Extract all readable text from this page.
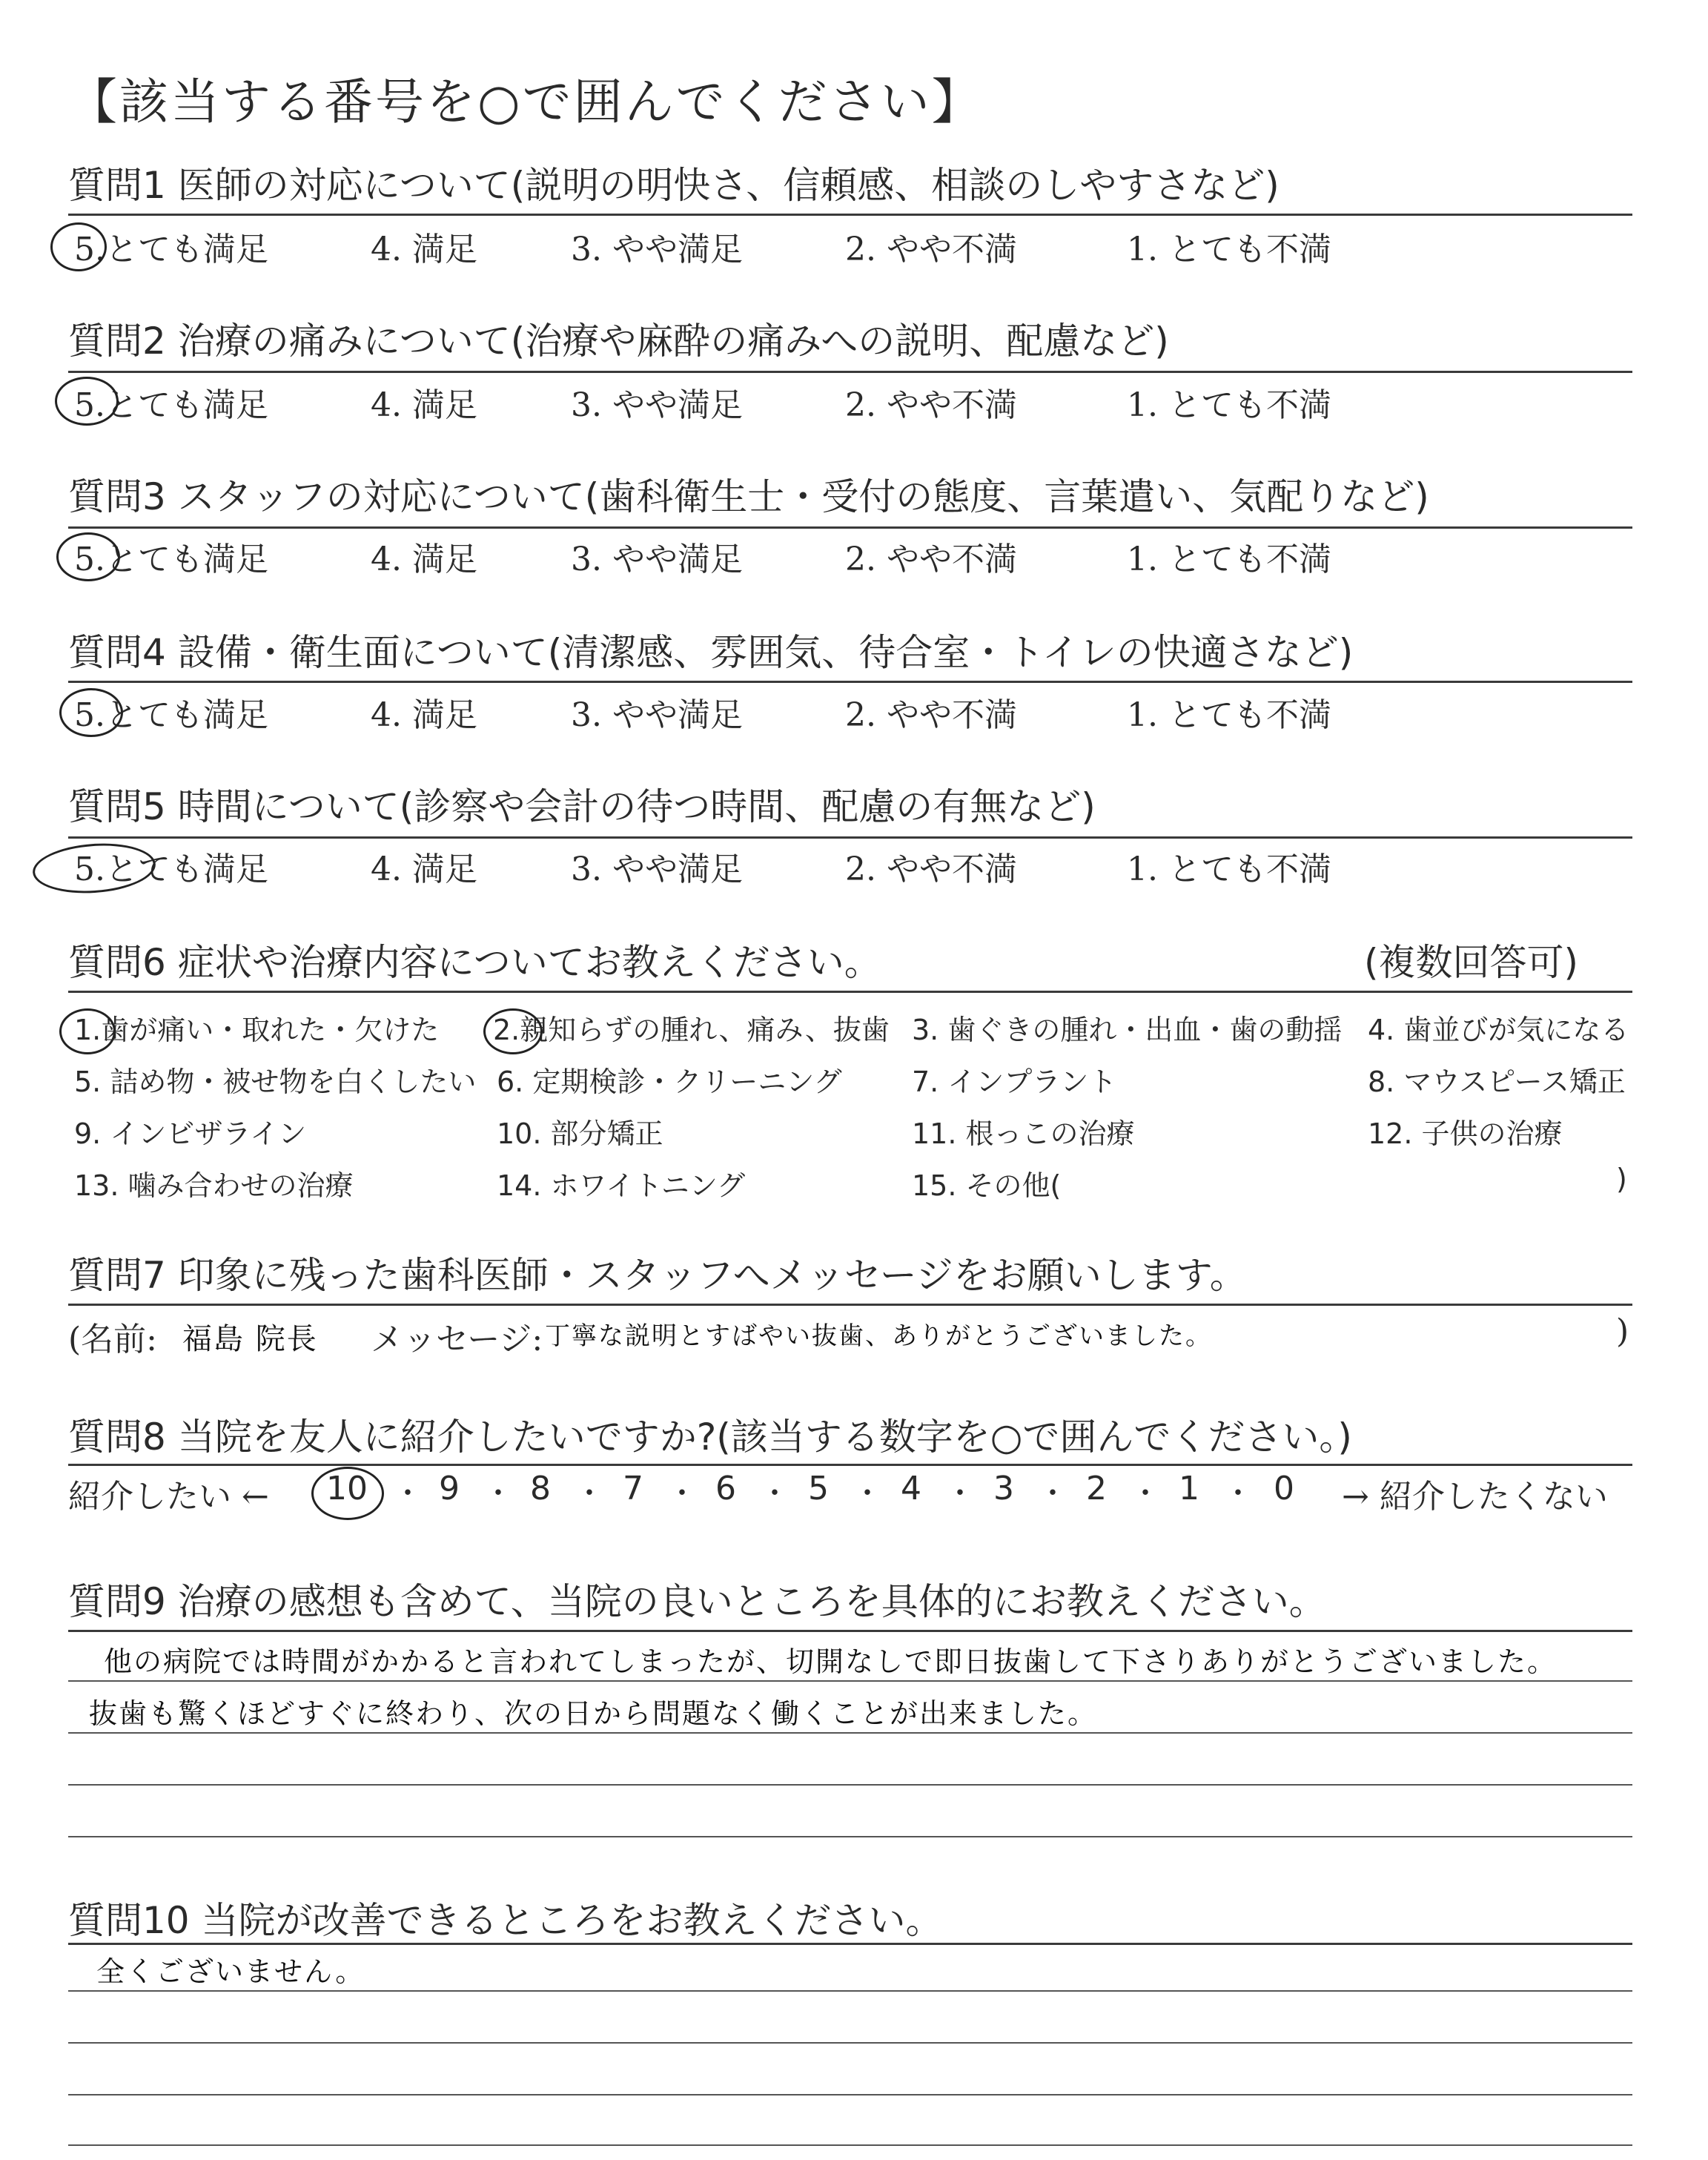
【該当する番号を○で囲んでください】
質問1 医師の対応について(説明の明快さ、信頼感、相談のしやすさなど)
5.とても満足	4. 満足	3. やや満足	2. やや不満	1. とても不満
質問2 治療の痛みについて(治療や麻酔の痛みへの説明、配慮など)
5.とても満足	4. 満足	3. やや満足	2. やや不満	1. とても不満
質問3 スタッフの対応について(歯科衛生士・受付の態度、言葉遣い、気配りなど)
5.とても満足	4. 満足	3. やや満足	2. やや不満	1. とても不満
質問4 設備・衛生面について(清潔感、雰囲気、待合室・トイレの快適さなど)
5.とても満足	4. 満足	3. やや満足	2. やや不満	1. とても不満
質問5 時間について(診察や会計の待つ時間、配慮の有無など)
5.とても満足	4. 満足	3. やや満足	2. やや不満	1. とても不満
質問6 症状や治療内容についてお教えください。	(複数回答可)
1.歯が痛い・取れた・欠けた 2.親知らずの腫れ、痛み、抜歯 3. 歯ぐきの腫れ・出血・歯の動揺 4. 歯並びが気になる
5. 詰め物・被せ物を白くしたい 6. 定期検診・クリーニング 7. インプラント	8. マウスピース矯正
9. インビザライン	10. 部分矯正	11. 根っこの治療	12. 子供の治療
13. 噛み合わせの治療	14. ホワイトニング	15. その他(	)
質問7 印象に残った歯科医師・スタッフへメッセージをお願いします。
(名前: 福島 院長 メッセージ: 丁寧な説明とすばやい抜歯、ありがとうございました。	)
質問8 当院を友人に紹介したいですか?(該当する数字を○で囲んでください。)
紹介したい ←	→ 紹介したくない
10 ・ 9 ・ 8 ・ 7 ・ 6 ・ 5 ・ 4 ・ 3 ・ 2 ・ 1 ・ 0
質問9 治療の感想も含めて、当院の良いところを具体的にお教えください。
他の病院では時間がかかると言われてしまったが、切開なしで即日抜歯して下さりありがとうございました。
抜歯も驚くほどすぐに終わり、次の日から問題なく働くことが出来ました。
質問10 当院が改善できるところをお教えください。
全くございません。
